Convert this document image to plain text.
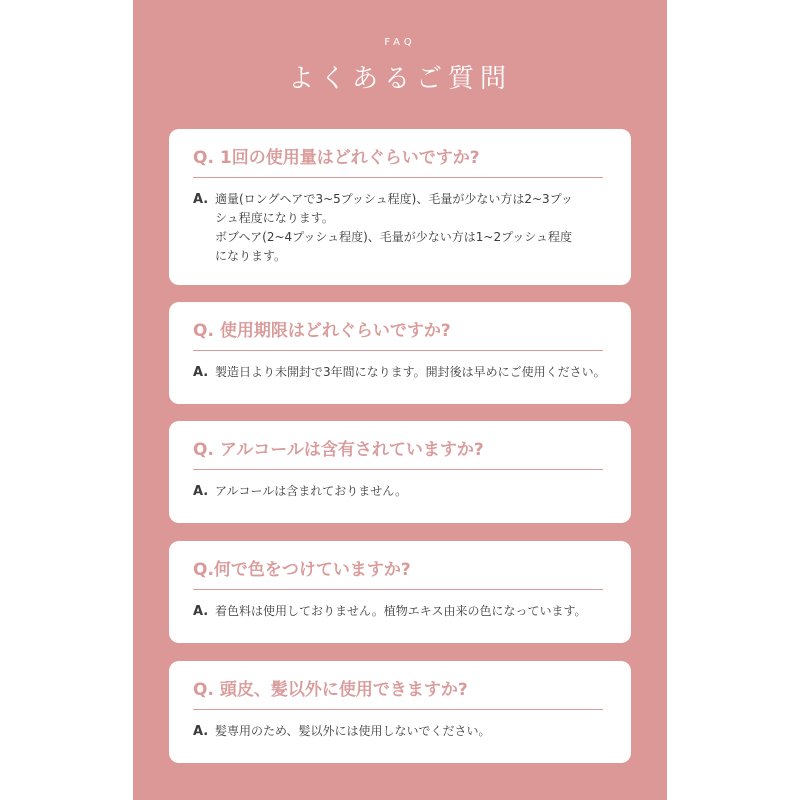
FAQ
よくあるご質問
Q. 1回の使用量はどれぐらいですか?
A. 適量(ロングヘアで3~5プッシュ程度)、毛量が少ない方は2~3プッ
シュ程度になります。
ボブヘア(2~4プッシュ程度)、毛量が少ない方は1~2プッシュ程度
になります。
Q. 使用期限はどれぐらいですか?
A. 製造日より未開封で3年間になります。開封後は早めにご使用ください。
Q. アルコールは含有されていますか?
A. アルコールは含まれておりません。
Q. 何で色をつけていますか?
A. 着色料は使用しておりません。植物エキス由来の色になっています。
Q. 頭皮、髪以外に使用できますか?
A. 髪専用のため、髪以外には使用しないでください。
